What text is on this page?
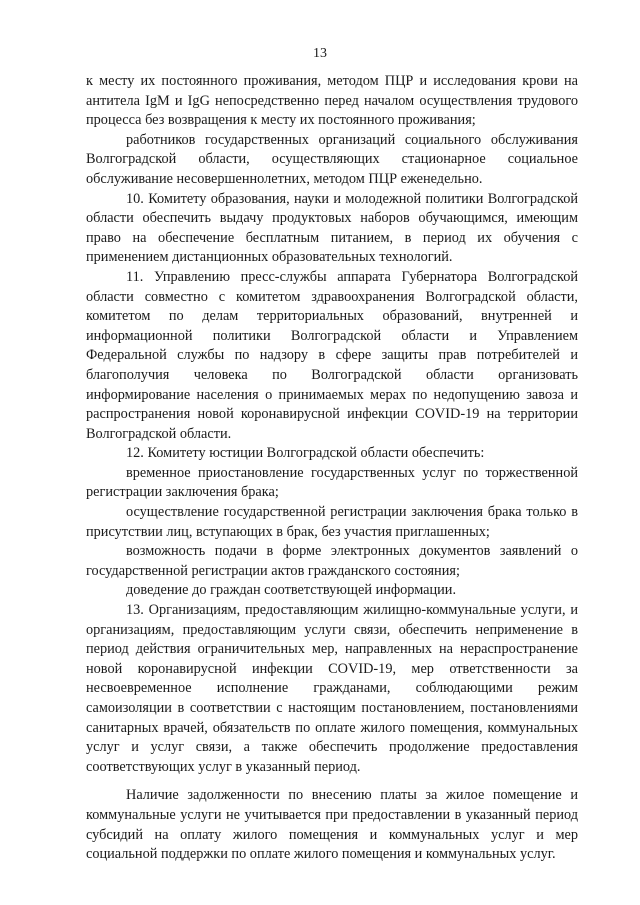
13

к месту их постоянного проживания, методом ПЦР и исследования крови на антитела IgM и IgG непосредственно перед началом осуществления трудового процесса без возвращения к месту их постоянного проживания;

работников государственных организаций социального обслуживания Волгоградской области, осуществляющих стационарное социальное обслуживание несовершеннолетних, методом ПЦР еженедельно.

10. Комитету образования, науки и молодежной политики Волгоградской области обеспечить выдачу продуктовых наборов обучающимся, имеющим право на обеспечение бесплатным питанием, в период их обучения с применением дистанционных образовательных технологий.

11. Управлению пресс-службы аппарата Губернатора Волгоградской области совместно с комитетом здравоохранения Волгоградской области, комитетом по делам территориальных образований, внутренней и информационной политики Волгоградской области и Управлением Федеральной службы по надзору в сфере защиты прав потребителей и благополучия человека по Волгоградской области организовать информирование населения о принимаемых мерах по недопущению завоза и распространения новой коронавирусной инфекции COVID-19 на территории Волгоградской области.

12. Комитету юстиции Волгоградской области обеспечить:

временное приостановление государственных услуг по торжественной регистрации заключения брака;

осуществление государственной регистрации заключения брака только в присутствии лиц, вступающих в брак, без участия приглашенных;

возможность подачи в форме электронных документов заявлений о государственной регистрации актов гражданского состояния;

доведение до граждан соответствующей информации.

13. Организациям, предоставляющим жилищно-коммунальные услуги, и организациям, предоставляющим услуги связи, обеспечить неприменение в период действия ограничительных мер, направленных на нераспространение новой коронавирусной инфекции COVID-19, мер ответственности за несвоевременное исполнение гражданами, соблюдающими режим самоизоляции в соответствии с настоящим постановлением, постановлениями санитарных врачей, обязательств по оплате жилого помещения, коммунальных услуг и услуг связи, а также обеспечить продолжение предоставления соответствующих услуг в указанный период.

Наличие задолженности по внесению платы за жилое помещение и коммунальные услуги не учитывается при предоставлении в указанный период субсидий на оплату жилого помещения и коммунальных услуг и мер социальной поддержки по оплате жилого помещения и коммунальных услуг.
